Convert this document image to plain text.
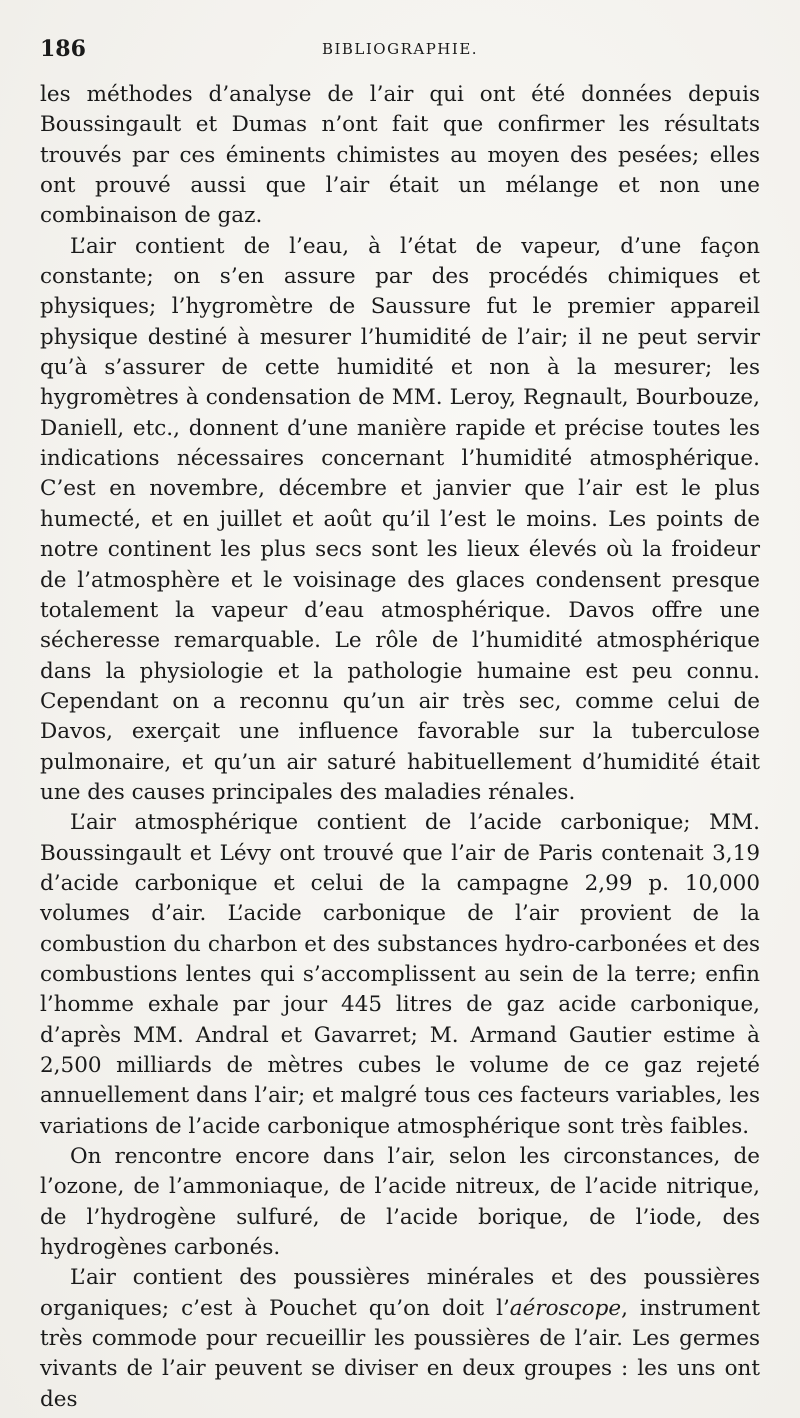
186	BIBLIOGRAPHIE.

les méthodes d’analyse de l’air qui ont été données depuis Boussingault et Dumas n’ont fait que confirmer les résultats trouvés par ces éminents chimistes au moyen des pesées; elles ont prouvé aussi que l’air était un mélange et non une combinaison de gaz.

L’air contient de l’eau, à l’état de vapeur, d’une façon constante; on s’en assure par des procédés chimiques et physiques; l’hygromètre de Saussure fut le premier appareil physique destiné à mesurer l’humidité de l’air; il ne peut servir qu’à s’assurer de cette humidité et non à la mesurer; les hygromètres à condensation de MM. Leroy, Regnault, Bourbouze, Daniell, etc., donnent d’une manière rapide et précise toutes les indications nécessaires concernant l’humidité atmosphérique. C’est en novembre, décembre et janvier que l’air est le plus humecté, et en juillet et août qu’il l’est le moins. Les points de notre continent les plus secs sont les lieux élevés où la froideur de l’atmosphère et le voisinage des glaces condensent presque totalement la vapeur d’eau atmosphérique. Davos offre une sécheresse remarquable. Le rôle de l’humidité atmosphérique dans la physiologie et la pathologie humaine est peu connu. Cependant on a reconnu qu’un air très sec, comme celui de Davos, exerçait une influence favorable sur la tuberculose pulmonaire, et qu’un air saturé habituellement d’humidité était une des causes principales des maladies rénales.

L’air atmosphérique contient de l’acide carbonique; MM. Boussingault et Lévy ont trouvé que l’air de Paris contenait 3,19 d’acide carbonique et celui de la campagne 2,99 p. 10,000 volumes d’air. L’acide carbonique de l’air provient de la combustion du charbon et des substances hydro-carbonées et des combustions lentes qui s’accomplissent au sein de la terre; enfin l’homme exhale par jour 445 litres de gaz acide carbonique, d’après MM. Andral et Gavarret; M. Armand Gautier estime à 2,500 milliards de mètres cubes le volume de ce gaz rejeté annuellement dans l’air; et malgré tous ces facteurs variables, les variations de l’acide carbonique atmosphérique sont très faibles.

On rencontre encore dans l’air, selon les circonstances, de l’ozone, de l’ammoniaque, de l’acide nitreux, de l’acide nitrique, de l’hydrogène sulfuré, de l’acide borique, de l’iode, des hydrogènes carbonés.

L’air contient des poussières minérales et des poussières organiques; c’est à Pouchet qu’on doit l’aéroscope, instrument très commode pour recueillir les poussières de l’air. Les germes vivants de l’air peuvent se diviser en deux groupes : les uns ont des
